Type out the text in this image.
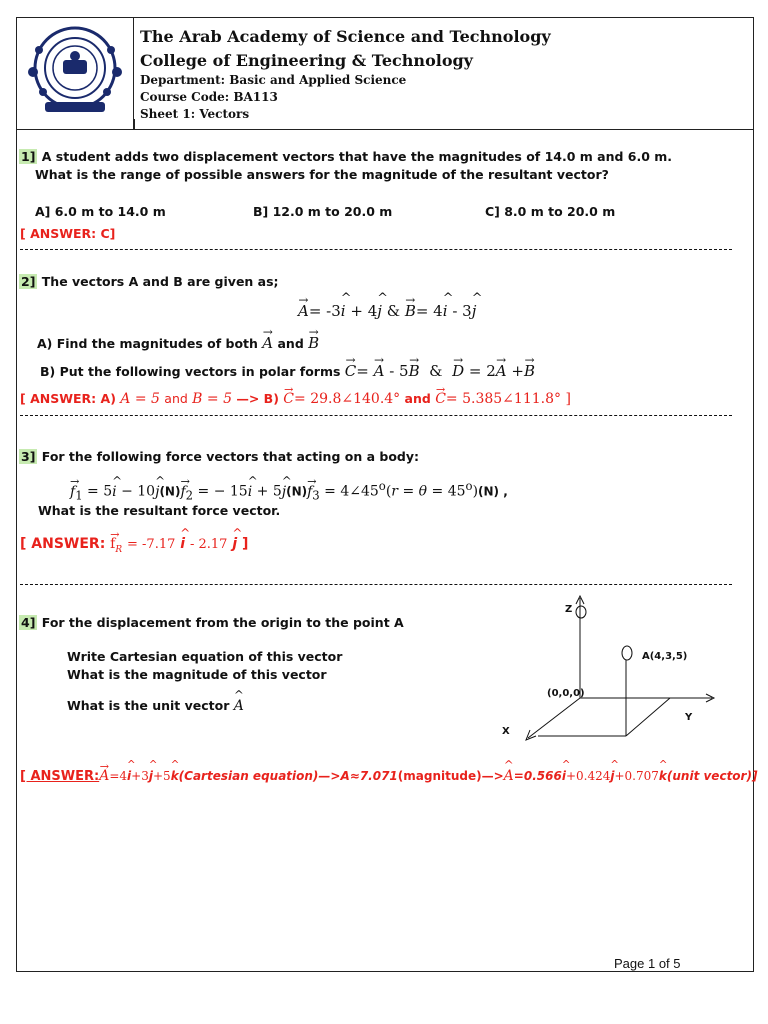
The Arab Academy of Science and Technology
College of Engineering & Technology
Department: Basic and Applied Science
Course Code: BA113
Sheet 1: Vectors
1] A student adds two displacement vectors that have the magnitudes of 14.0 m and 6.0 m.
What is the range of possible answers for the magnitude of the resultant vector?
A] 6.0 m to 14.0 m	B] 12.0 m to 20.0 m	C] 8.0 m to 20.0 m
[ ANSWER: C]
2] The vectors A and B are given as;
→ A= -3^ i + 4^ j & → B= 4^ i - 3^ j
A) Find the magnitudes of both → A and → B
B) Put the following vectors in polar forms → C= → A - 5→ B  &  → D = 2→ A +→ B
[ ANSWER: A) A = 5 and B = 5 —> B) → C= 29.8∠140.4° and → C= 5.385∠111.8° ]
3] For the following force vectors that acting on a body:
→ $f_1$ = 5^ i − 10^ $j(N)\to f_2$ = − 15^ i + 5^ $j(N)\to f_3$ = $4\angle 45^o(r = \theta = 45^o)(N)$ ,
What is the resultant force vector.
[ ANSWER: → $f_R = -7.17$ ^ i - 2.17 ^ j ]
4] For the displacement from the origin to the point A
Write Cartesian equation of this vector
What is the magnitude of this vector
What is the unit vector ^ A
Z
A(4,3,5)
(0,0,0)
Y
X
[ ANSWER:→ A=4^ i+3^ j+5^ k(Cartesian equation)—>A≈7.071(magnitude)—>^ A=0.566^ i+0.424^ j+0.707^ k(unit vector)]
Page 1 of 5
